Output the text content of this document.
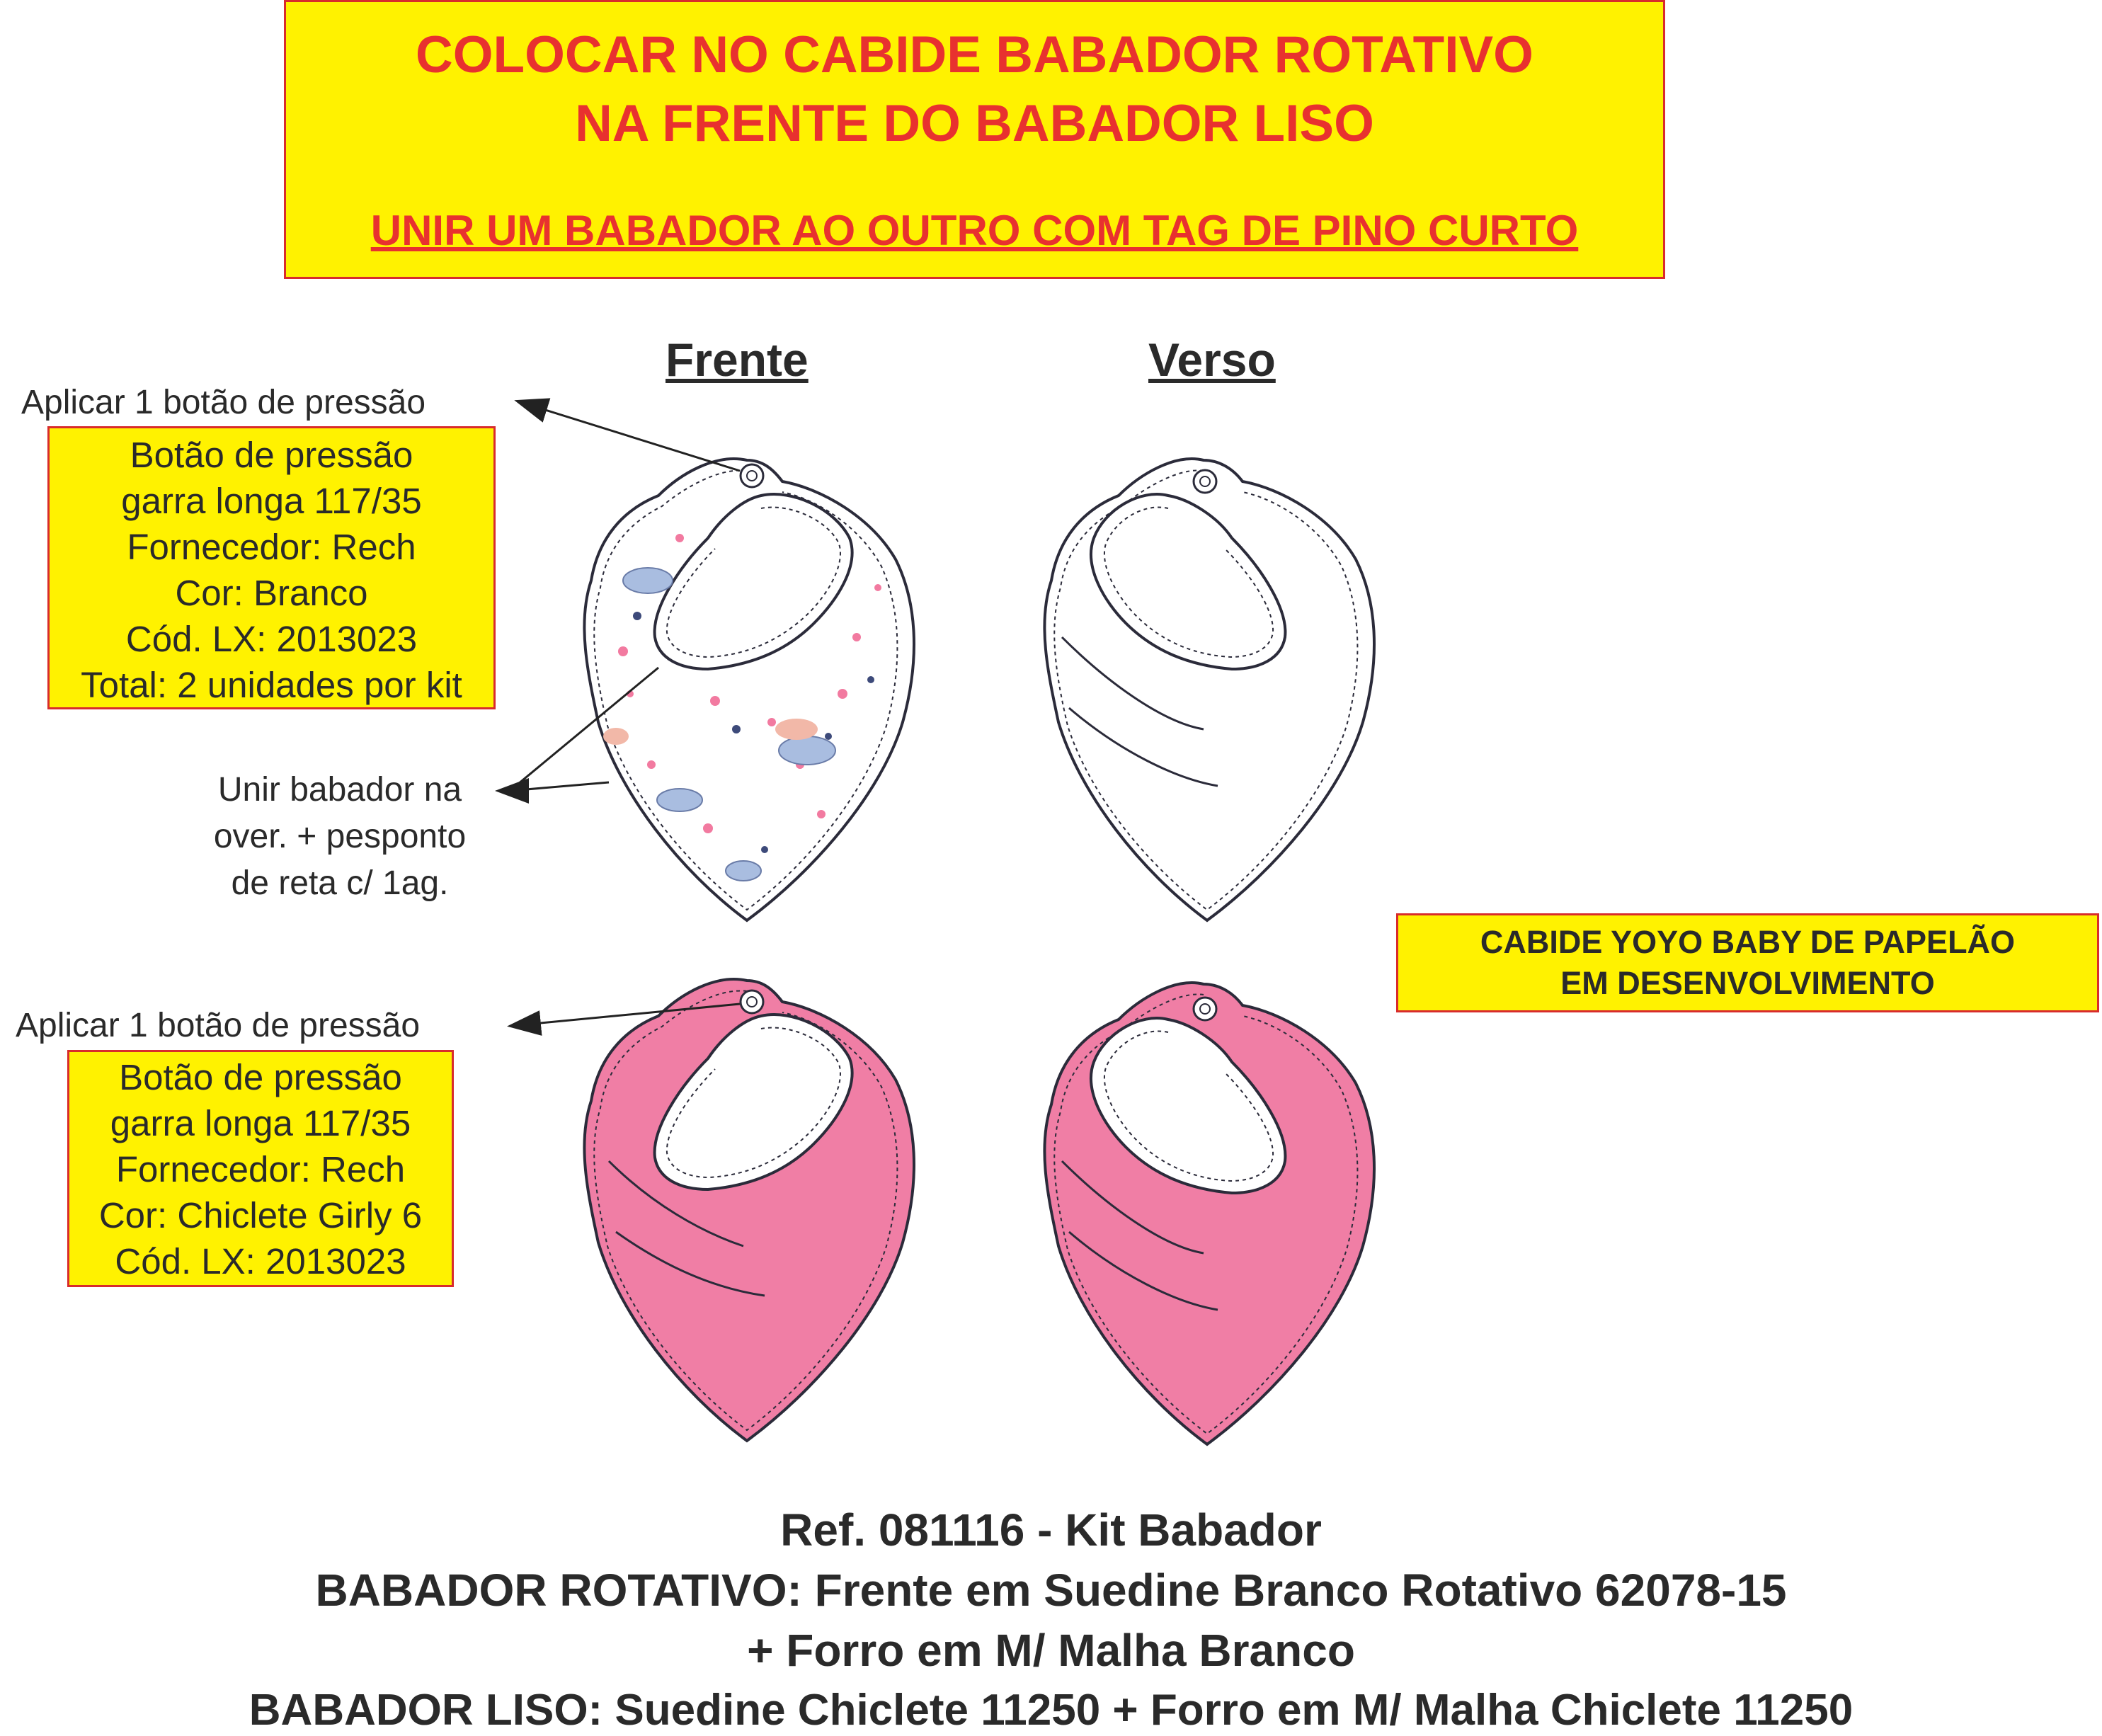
COLOCAR NO CABIDE BABADOR ROTATIVO
NA FRENTE DO BABADOR LISO
UNIR UM BABADOR AO OUTRO COM TAG DE PINO CURTO
Frente	Verso
Aplicar 1 botão de pressão
Botão de pressão
garra longa 117/35
Fornecedor: Rech
Cor: Branco
Cód. LX: 2013023
Total: 2 unidades por kit
Unir babador na
over. + pesponto
de reta c/ 1ag.
Aplicar 1 botão de pressão
Botão de pressão
garra longa 117/35
Fornecedor: Rech
Cor: Chiclete Girly 6
Cód. LX: 2013023
CABIDE YOYO BABY DE PAPELÃO
EM DESENVOLVIMENTO
Ref. 081116 - Kit Babador
BABADOR ROTATIVO: Frente em Suedine Branco Rotativo 62078-15
+ Forro em M/ Malha Branco
BABADOR LISO: Suedine Chiclete 11250 + Forro em M/ Malha Chiclete 11250
